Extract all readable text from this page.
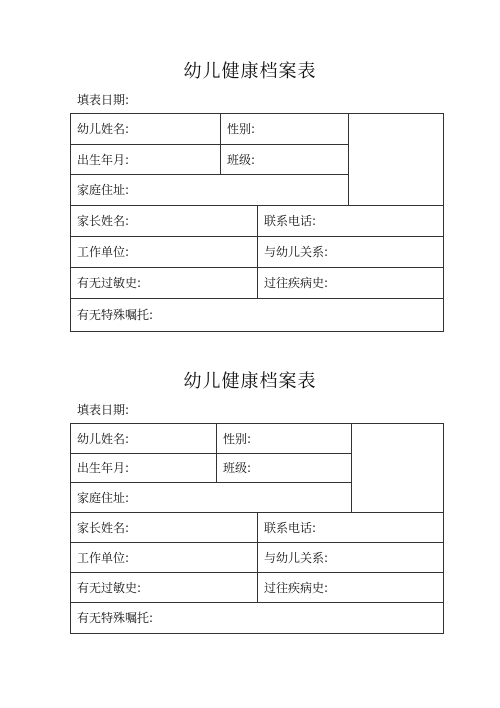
幼儿健康档案表
填表日期:
幼儿姓名:	性别:
出生年月:	班级:
家庭住址:
家长姓名:	联系电话:
工作单位:	与幼儿关系:
有无过敏史:	过往疾病史:
有无特殊嘱托:
幼儿健康档案表
填表日期:
幼儿姓名:	性别:
出生年月:	班级:
家庭住址:
家长姓名:	联系电话:
工作单位:	与幼儿关系:
有无过敏史:	过往疾病史:
有无特殊嘱托:
